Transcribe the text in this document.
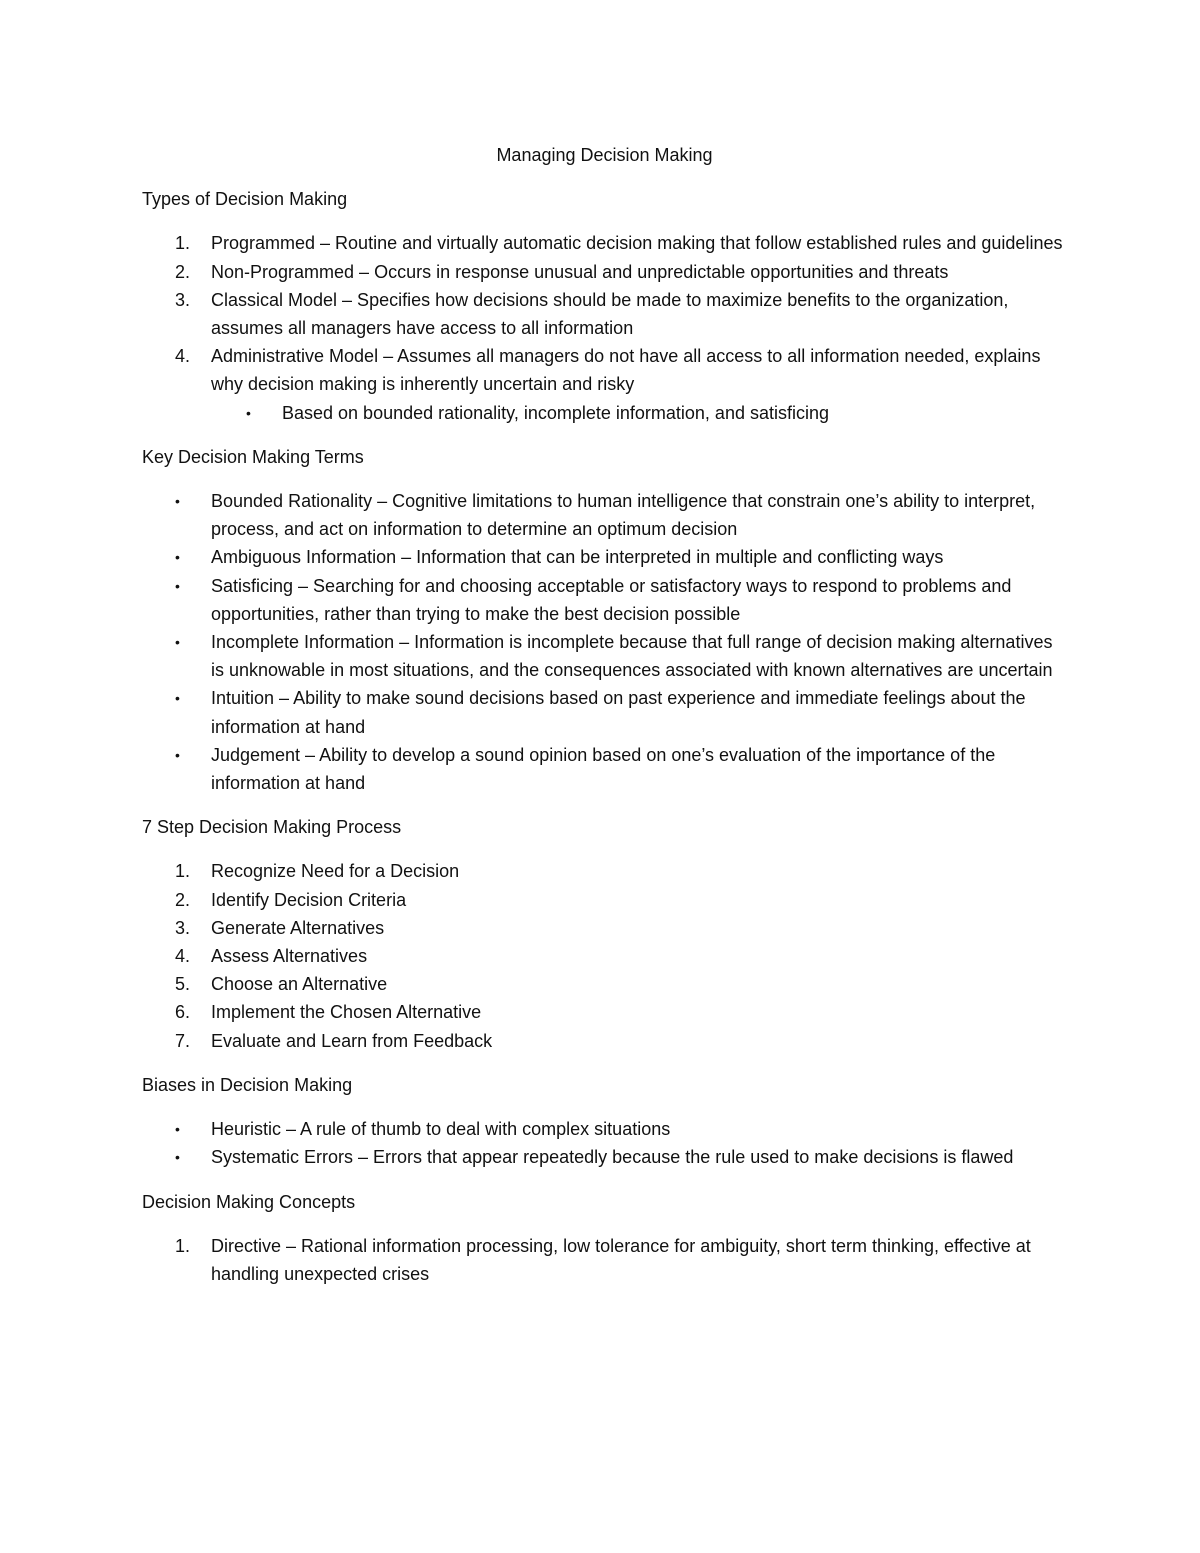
Managing Decision Making

Types of Decision Making

1. Programmed – Routine and virtually automatic decision making that follow established rules and guidelines
2. Non-Programmed – Occurs in response unusual and unpredictable opportunities and threats
3. Classical Model – Specifies how decisions should be made to maximize benefits to the organization, assumes all managers have access to all information
4. Administrative Model – Assumes all managers do not have all access to all information needed, explains why decision making is inherently uncertain and risky
• Based on bounded rationality, incomplete information, and satisficing

Key Decision Making Terms

• Bounded Rationality – Cognitive limitations to human intelligence that constrain one’s ability to interpret, process, and act on information to determine an optimum decision
• Ambiguous Information – Information that can be interpreted in multiple and conflicting ways
• Satisficing – Searching for and choosing acceptable or satisfactory ways to respond to problems and opportunities, rather than trying to make the best decision possible
• Incomplete Information – Information is incomplete because that full range of decision making alternatives is unknowable in most situations, and the consequences associated with known alternatives are uncertain
• Intuition – Ability to make sound decisions based on past experience and immediate feelings about the information at hand
• Judgement – Ability to develop a sound opinion based on one’s evaluation of the importance of the information at hand

7 Step Decision Making Process

1. Recognize Need for a Decision
2. Identify Decision Criteria
3. Generate Alternatives
4. Assess Alternatives
5. Choose an Alternative
6. Implement the Chosen Alternative
7. Evaluate and Learn from Feedback

Biases in Decision Making

• Heuristic – A rule of thumb to deal with complex situations
• Systematic Errors – Errors that appear repeatedly because the rule used to make decisions is flawed

Decision Making Concepts

1. Directive – Rational information processing, low tolerance for ambiguity, short term thinking, effective at handling unexpected crises
